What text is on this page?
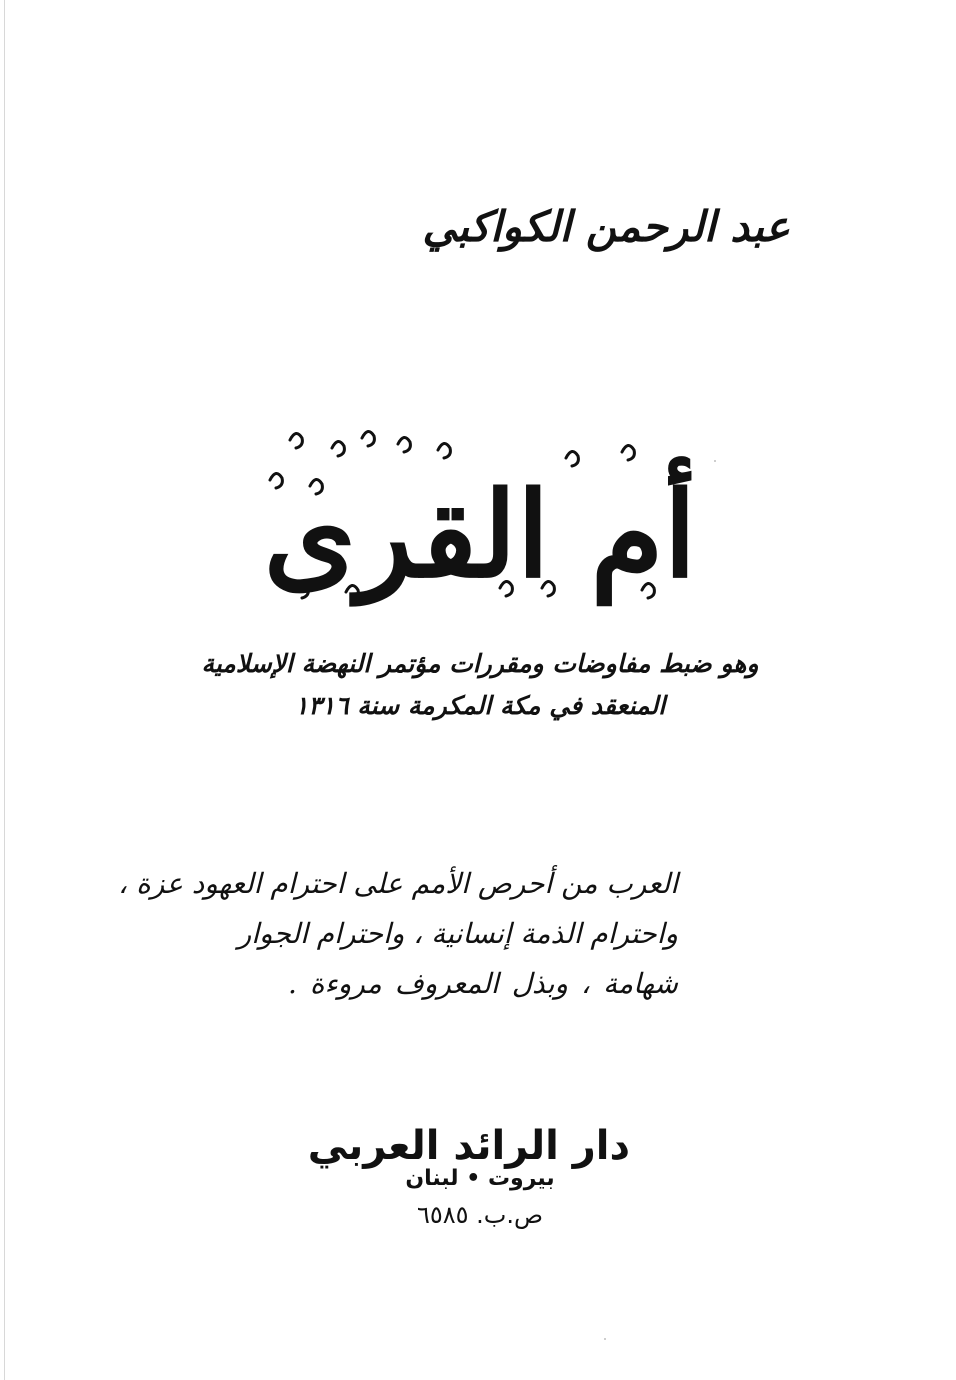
عبد الرحمن الكواكبي
أم القرى
وهو ضبط مفاوضات ومقررات مؤتمر النهضة الإسلامية
المنعقد في مكة المكرمة سنة ١٣١٦
العرب من أحرص الأمم على احترام العهود عزة ،
واحترام الذمة إنسانية ، واحترام الجوار
شهامة ، وبذل المعروف مروءة .
دار الرائد العربي
بيروت • لبنان
ص.ب. ٦٥٨٥
